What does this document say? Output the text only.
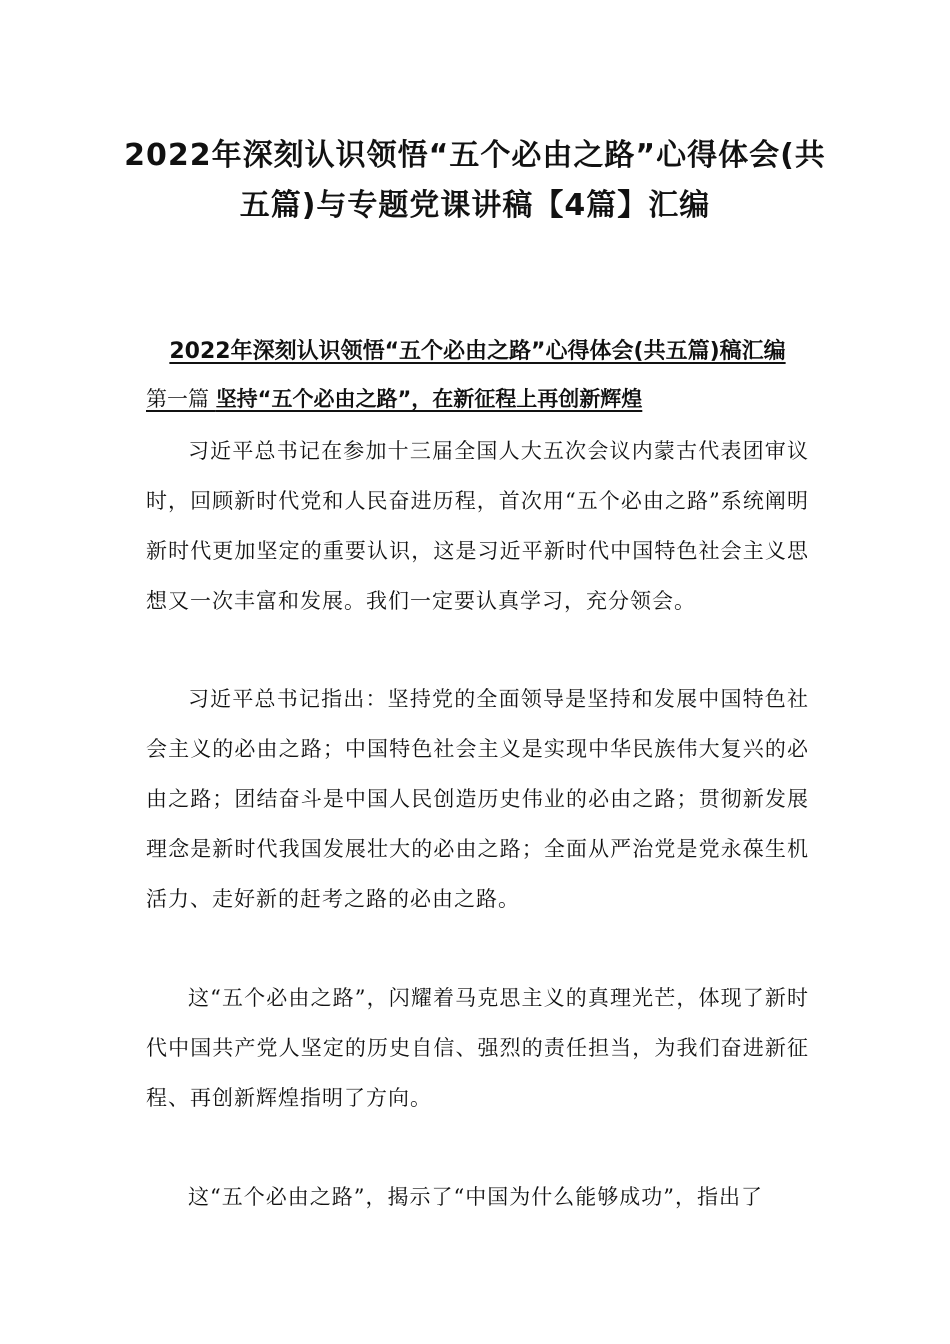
2022年深刻认识领悟“五个必由之路”心得体会(共五篇)与专题党课讲稿【4篇】汇编

2022年深刻认识领悟“五个必由之路”心得体会(共五篇)稿汇编

第一篇 坚持“五个必由之路”，在新征程上再创新辉煌

习近平总书记在参加十三届全国人大五次会议内蒙古代表团审议时，回顾新时代党和人民奋进历程，首次用“五个必由之路”系统阐明新时代更加坚定的重要认识，这是习近平新时代中国特色社会主义思想又一次丰富和发展。我们一定要认真学习，充分领会。

习近平总书记指出：坚持党的全面领导是坚持和发展中国特色社会主义的必由之路；中国特色社会主义是实现中华民族伟大复兴的必由之路；团结奋斗是中国人民创造历史伟业的必由之路；贯彻新发展理念是新时代我国发展壮大的必由之路；全面从严治党是党永葆生机活力、走好新的赶考之路的必由之路。

这“五个必由之路”，闪耀着马克思主义的真理光芒，体现了新时代中国共产党人坚定的历史自信、强烈的责任担当，为我们奋进新征程、再创新辉煌指明了方向。

这“五个必由之路”，揭示了“中国为什么能够成功”，指出了
